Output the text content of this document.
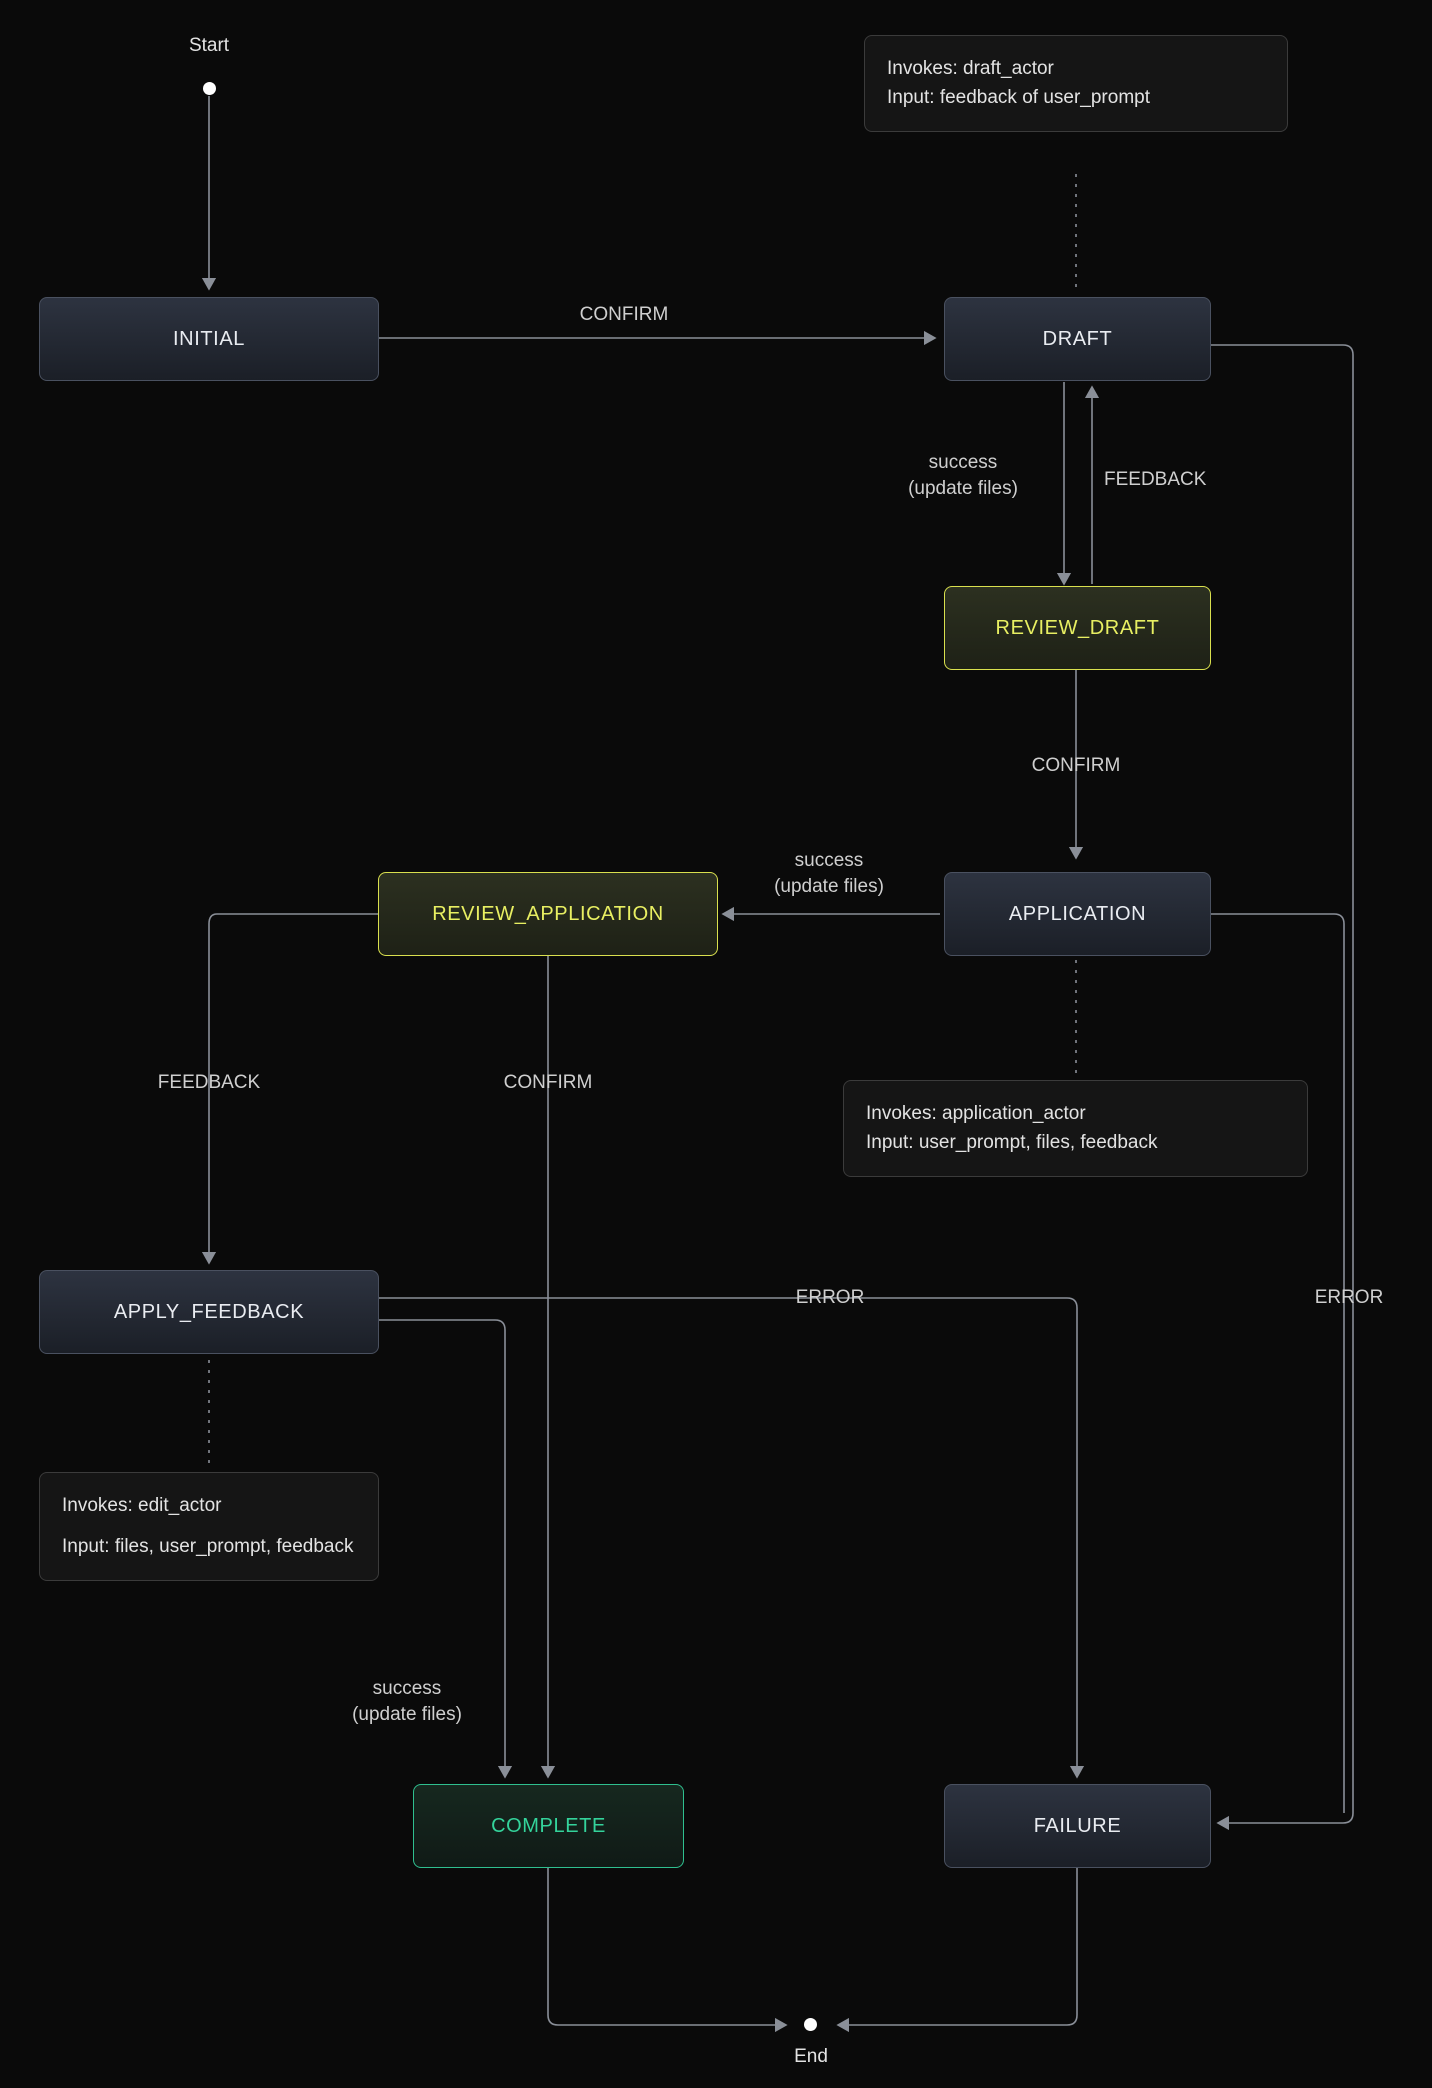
Start
End
INITIAL	DRAFT
REVIEW_DRAFT
APPLICATION
REVIEW_APPLICATION
APPLY_FEEDBACK
COMPLETE	FAILURE
Invokes: draft_actor
Input: feedback of user_prompt
Invokes: application_actor
Input: user_prompt, files, feedback
Invokes: edit_actor
Input: files, user_prompt, feedback
CONFIRM
success
(update files)	FEEDBACK
CONFIRM
success
(update files)
FEEDBACK	CONFIRM
ERROR	ERROR
success
(update files)
